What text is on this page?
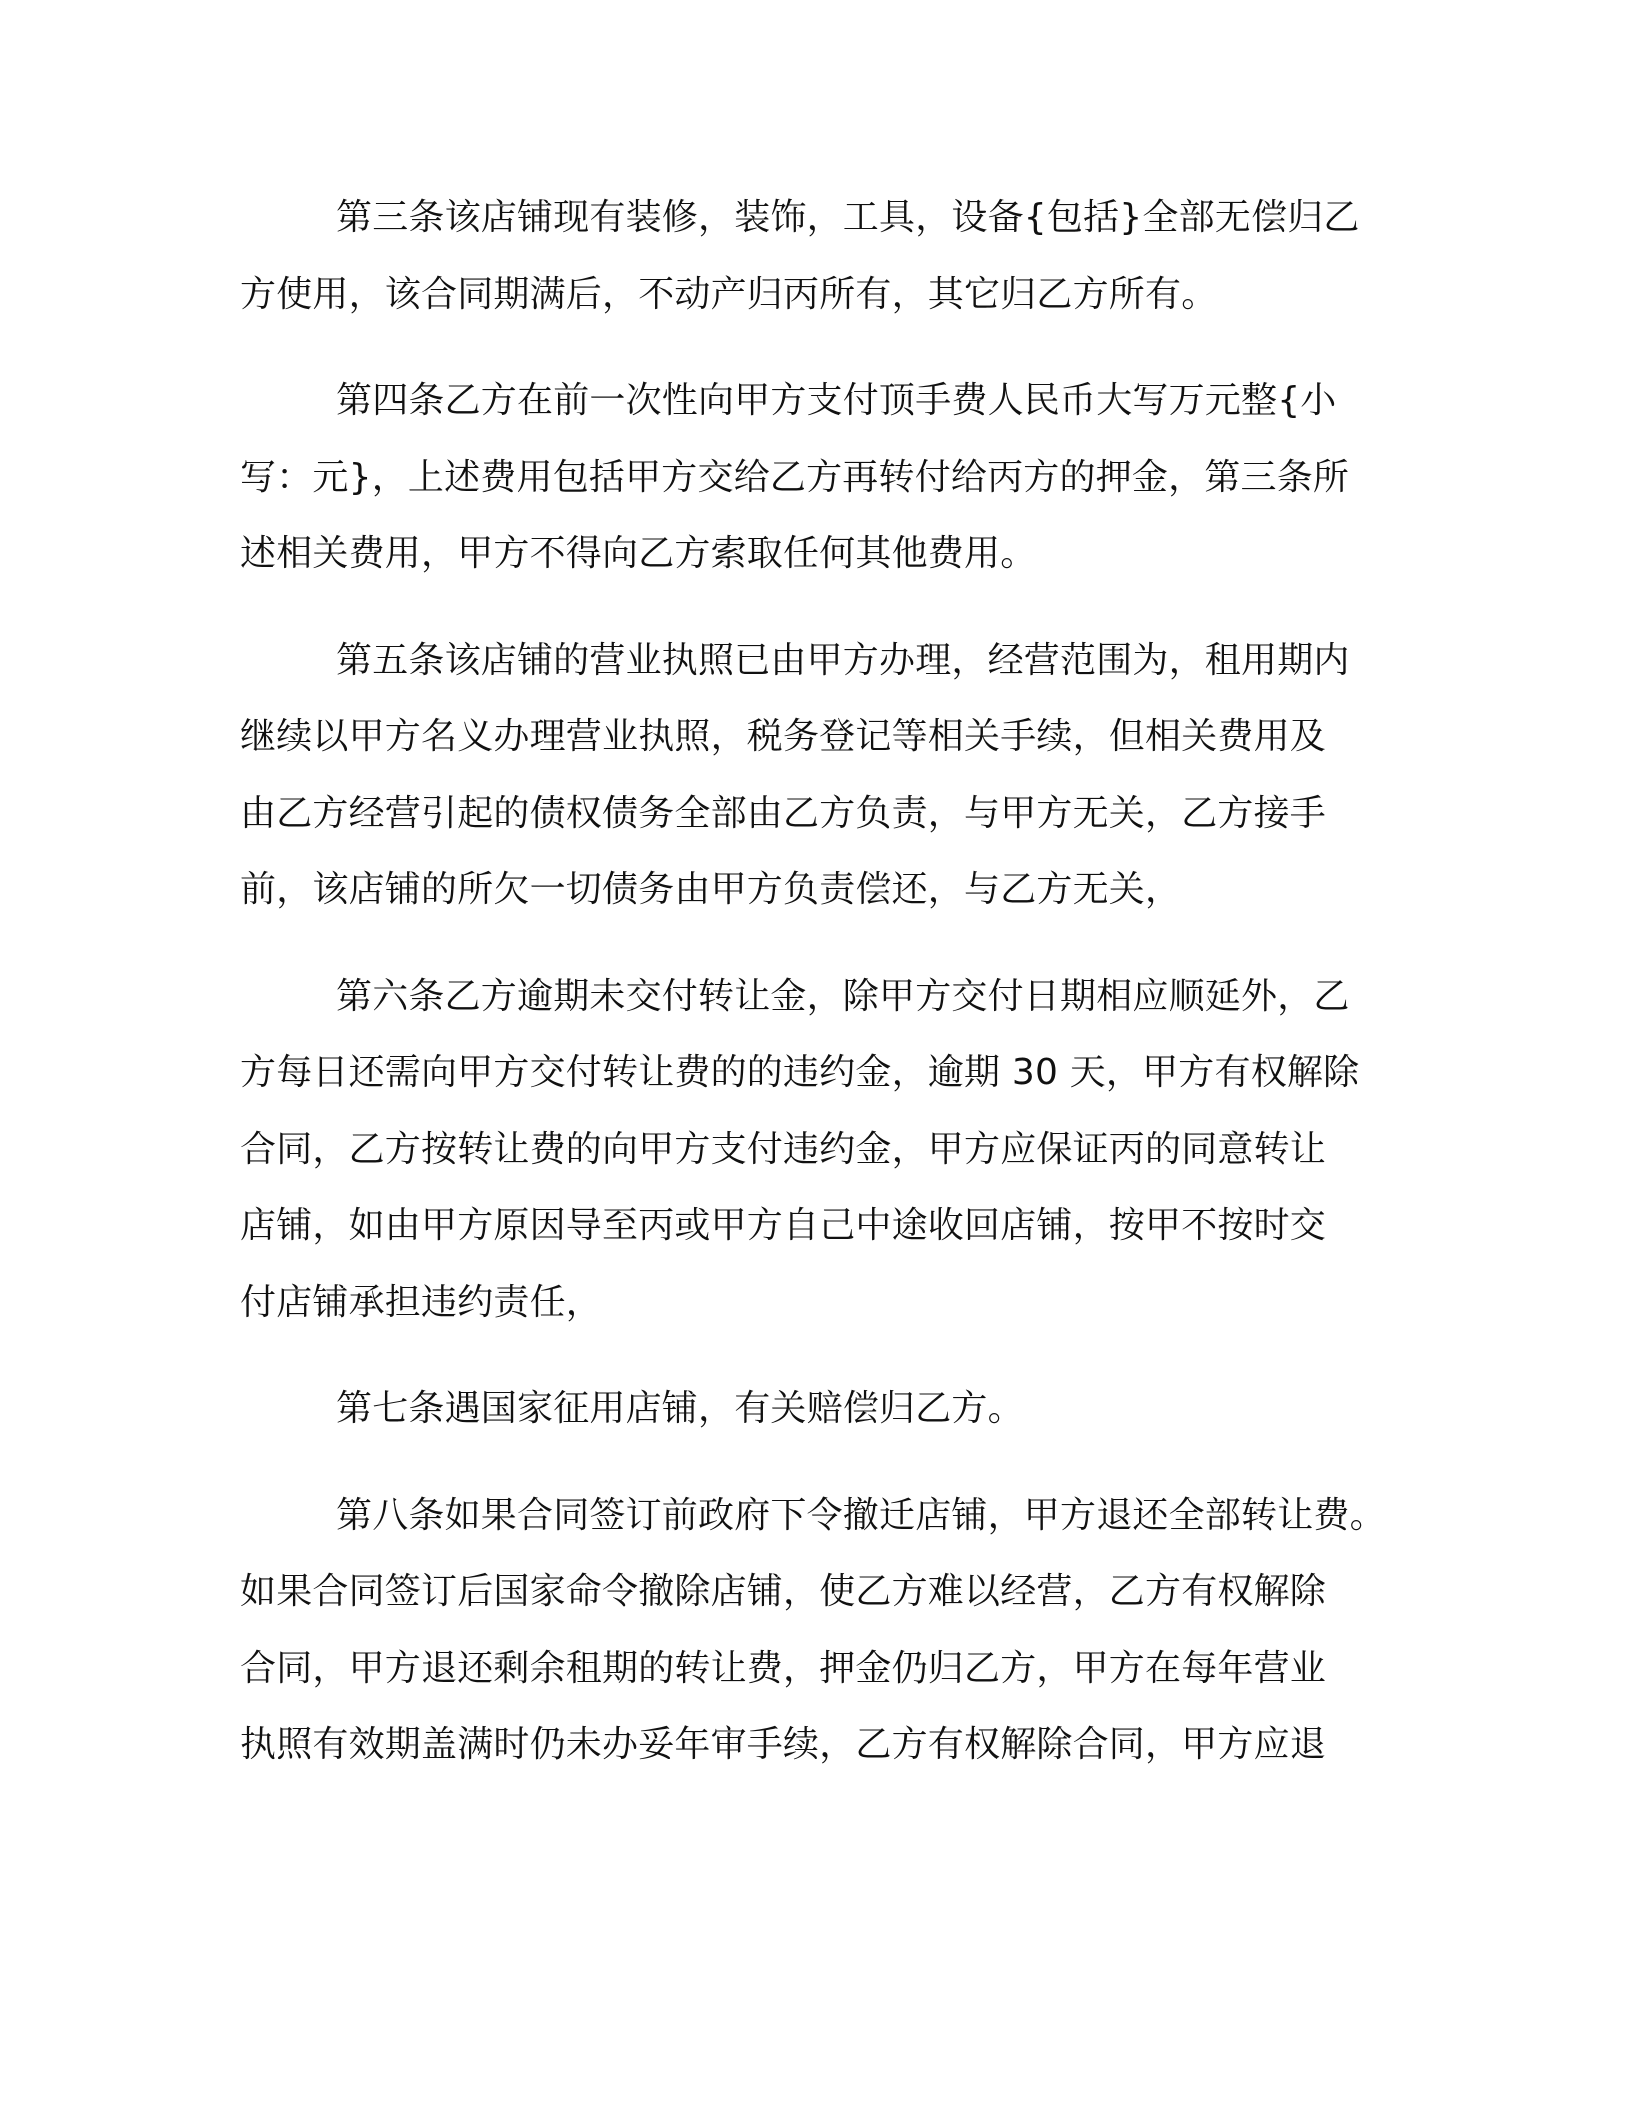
第三条该店铺现有装修，装饰，工具，设备{包括}全部无偿归乙
方使用，该合同期满后，不动产归丙所有，其它归乙方所有。
第四条乙方在前一次性向甲方支付顶手费人民币大写万元整{小
写：元}，上述费用包括甲方交给乙方再转付给丙方的押金，第三条所
述相关费用，甲方不得向乙方索取任何其他费用。
第五条该店铺的营业执照已由甲方办理，经营范围为，租用期内
继续以甲方名义办理营业执照，税务登记等相关手续，但相关费用及
由乙方经营引起的债权债务全部由乙方负责，与甲方无关，乙方接手
前，该店铺的所欠一切债务由甲方负责偿还，与乙方无关，
第六条乙方逾期未交付转让金，除甲方交付日期相应顺延外，乙
方每日还需向甲方交付转让费的的违约金，逾期 30 天，甲方有权解除
合同，乙方按转让费的向甲方支付违约金，甲方应保证丙的同意转让
店铺，如由甲方原因导至丙或甲方自己中途收回店铺，按甲不按时交
付店铺承担违约责任，
第七条遇国家征用店铺，有关赔偿归乙方。
第八条如果合同签订前政府下令撤迁店铺，甲方退还全部转让费。
如果合同签订后国家命令撤除店铺，使乙方难以经营，乙方有权解除
合同，甲方退还剩余租期的转让费，押金仍归乙方，甲方在每年营业
执照有效期盖满时仍未办妥年审手续，乙方有权解除合同，甲方应退
